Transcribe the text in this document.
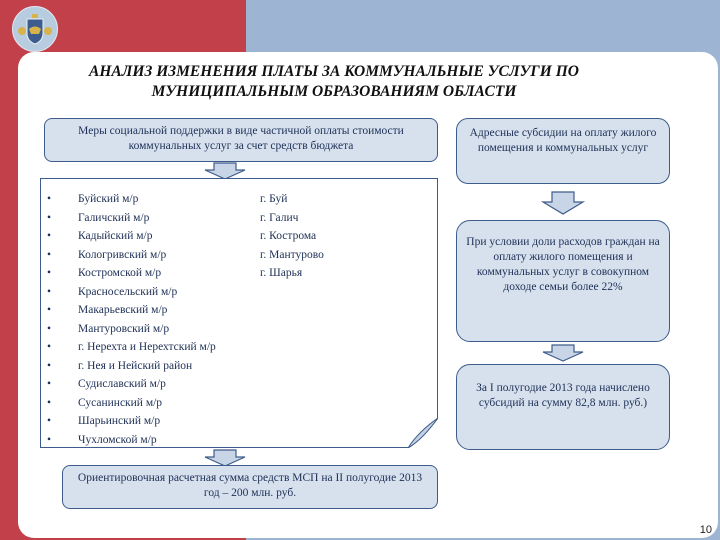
АНАЛИЗ ИЗМЕНЕНИЯ ПЛАТЫ ЗА КОММУНАЛЬНЫЕ УСЛУГИ ПО МУНИЦИПАЛЬНЫМ ОБРАЗОВАНИЯМ ОБЛАСТИ
Меры социальной поддержки в виде частичной оплаты стоимости коммунальных услуг за счет средств бюджета
• Буйский м/р	г. Буй
• Галичский м/р	г. Галич
• Кадыйский м/р	г. Кострома
• Кологривский м/р	г. Мантурово
• Костромской м/р	г. Шарья
• Красносельский м/р
• Макарьевский м/р
• Мантуровский м/р
• г. Нерехта и Нерехтский м/р
• г. Нея и Нейский район
• Судиславский м/р
• Сусанинский м/р
• Шарьинский м/р
• Чухломской м/р
Ориентировочная расчетная сумма средств МСП на II полугодие 2013 год – 200 млн. руб.
Адресные субсидии на оплату жилого помещения и коммунальных услуг
При условии доли расходов граждан на оплату жилого помещения и коммунальных услуг в совокупном доходе семьи более 22%
За I полугодие 2013 года начислено субсидий на сумму 82,8 млн. руб.)
10
